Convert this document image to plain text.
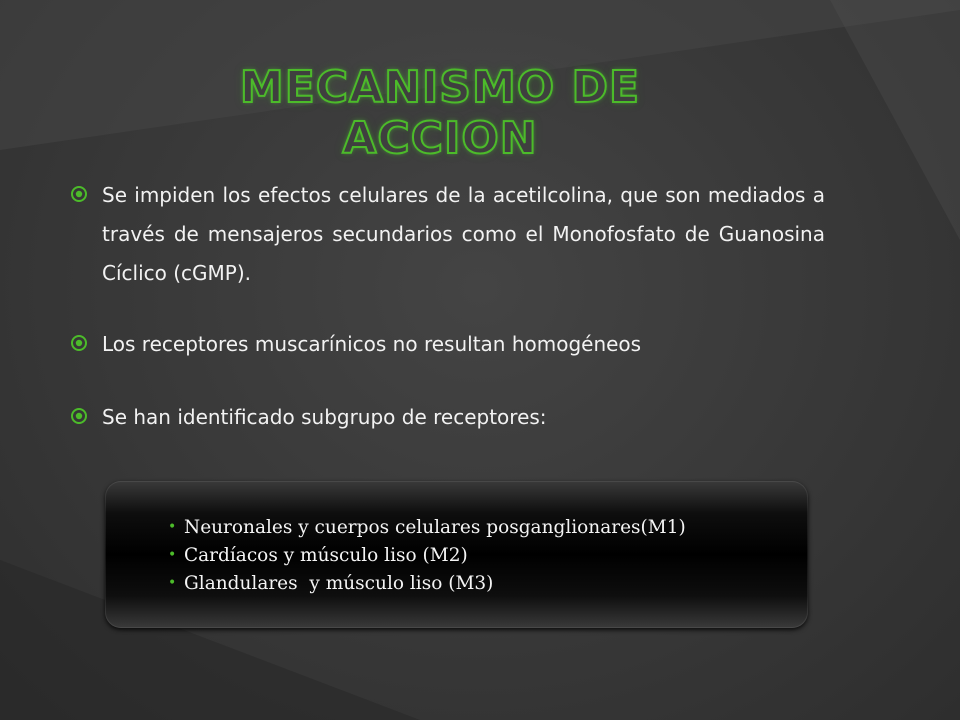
MECANISMO DE ACCION
Se impiden los efectos celulares de la acetilcolina, que son mediados a través de mensajeros secundarios como el Monofosfato de Guanosina Cíclico (cGMP).
Los receptores muscarínicos no resultan homogéneos
Se han identificado subgrupo de receptores:
• Neuronales y cuerpos celulares posganglionares(M1)
• Cardíacos y músculo liso (M2)
• Glandulares  y músculo liso (M3)
